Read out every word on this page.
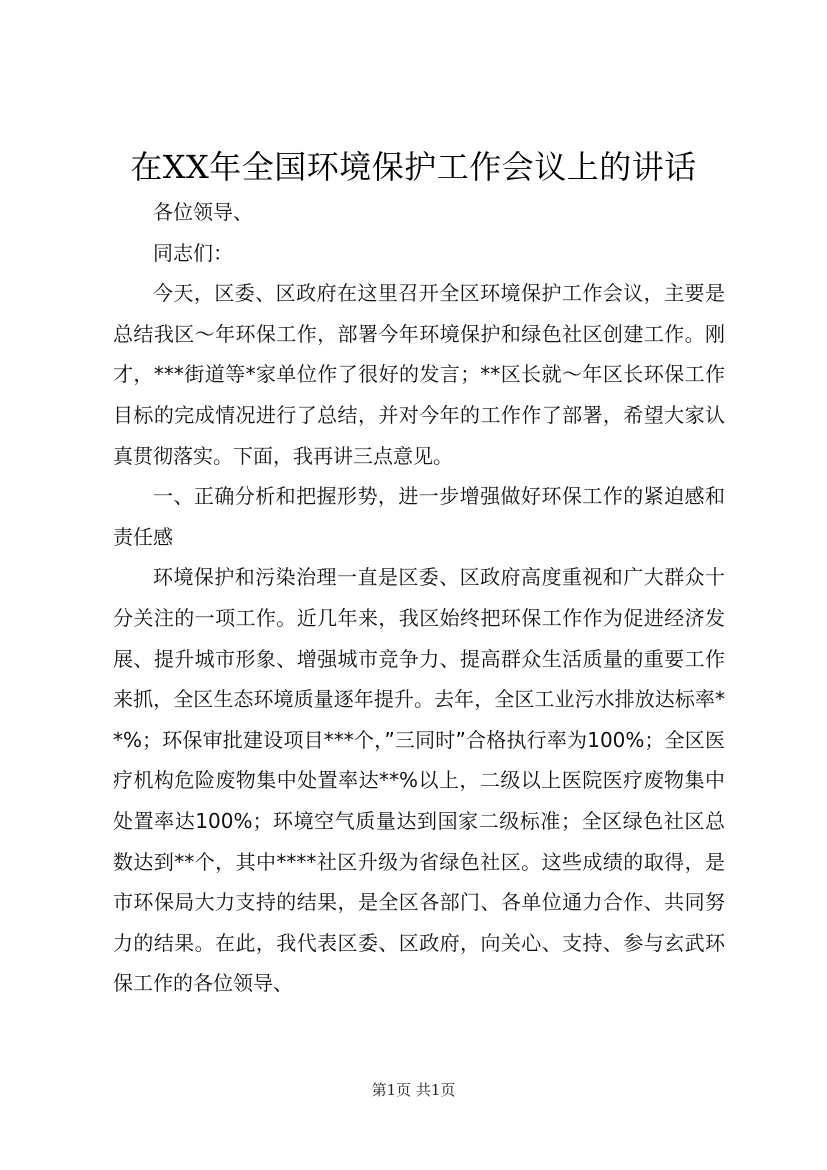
在XX年全国环境保护工作会议上的讲话

各位领导、

同志们：

今天，区委、区政府在这里召开全区环境保护工作会议，主要是总结我区～年环保工作，部署今年环境保护和绿色社区创建工作。刚才，***街道等*家单位作了很好的发言；**区长就～年区长环保工作目标的完成情况进行了总结，并对今年的工作作了部署，希望大家认真贯彻落实。下面，我再讲三点意见。

一、正确分析和把握形势，进一步增强做好环保工作的紧迫感和责任感

环境保护和污染治理一直是区委、区政府高度重视和广大群众十分关注的一项工作。近几年来，我区始终把环保工作作为促进经济发展、提升城市形象、增强城市竞争力、提高群众生活质量的重要工作来抓，全区生态环境质量逐年提升。去年，全区工业污水排放达标率**%；环保审批建设项目***个，”三同时”合格执行率为100%；全区医疗机构危险废物集中处置率达**%以上，二级以上医院医疗废物集中处置率达100%；环境空气质量达到国家二级标准；全区绿色社区总数达到**个，其中****社区升级为省绿色社区。这些成绩的取得，是市环保局大力支持的结果，是全区各部门、各单位通力合作、共同努力的结果。在此，我代表区委、区政府，向关心、支持、参与玄武环保工作的各位领导、

第1页 共1页
